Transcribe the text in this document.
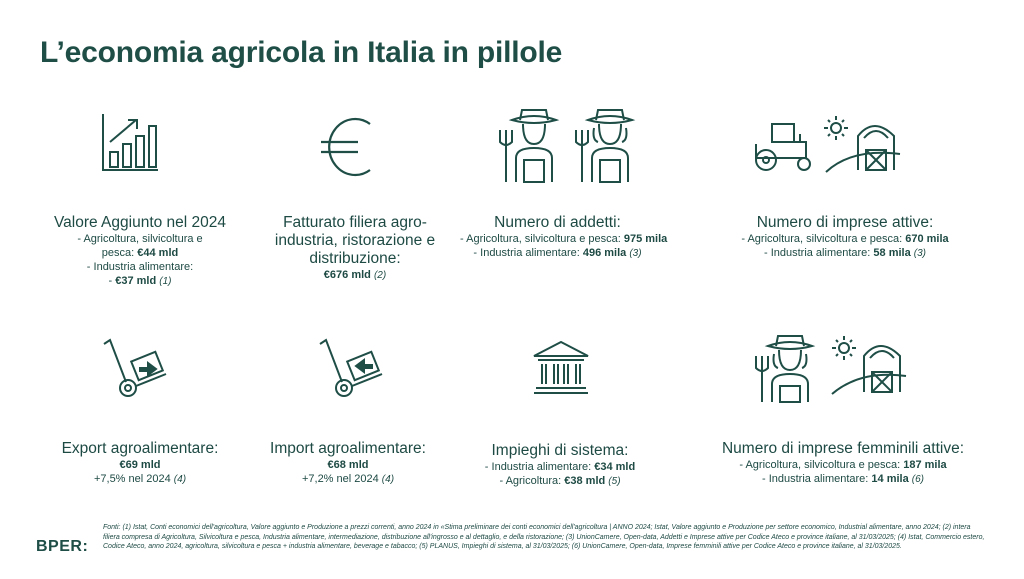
L’economia agricola in Italia in pillole
Valore Aggiunto nel 2024
- Agricoltura, silvicoltura e
pesca: €44 mld
- Industria alimentare:
- €37 mld (1)
Fatturato filiera agro-
industria, ristorazione e
distribuzione:
€676 mld (2)
Numero di addetti:
- Agricoltura, silvicoltura e pesca: 975 mila
- Industria alimentare: 496 mila (3)
Numero di imprese attive:
- Agricoltura, silvicoltura e pesca: 670 mila
- Industria alimentare: 58 mila (3)
Export agroalimentare:
€69 mld
+7,5% nel 2024 (4)
Import agroalimentare:
€68 mld
+7,2% nel 2024 (4)
Impieghi di sistema:
- Industria alimentare: €34 mld
- Agricoltura: €38 mld (5)
Numero di imprese femminili attive:
- Agricoltura, silvicoltura e pesca: 187 mila
- Industria alimentare: 14 mila (6)
Fonti: (1) Istat, Conti economici dell'agricoltura, Valore aggiunto e Produzione a prezzi correnti, anno 2024 in «Stima preliminare dei conti economici dell'agricoltura | ANNO 2024; Istat, Valore aggiunto e Produzione per settore economico, Industrial alimentare, anno 2024; (2) intera filiera compresa di Agricoltura, Silvicoltura e pesca, Industria alimentare, intermediazione, distribuzione all'ingrosso e al dettaglio, e della ristorazione; (3) UnionCamere, Open-data, Addetti e Imprese attive per Codice Ateco e province italiane, al 31/03/2025; (4) Istat, Commercio estero, Codice Ateco, anno 2024, agricoltura, silvicoltura e pesca + industria alimentare, beverage e tabacco; (5) PLANUS, Impieghi di sistema, al 31/03/2025; (6) UnionCamere, Open-data, Imprese femminili attive per Codice Ateco e province italiane, al 31/03/2025.
BPER:
